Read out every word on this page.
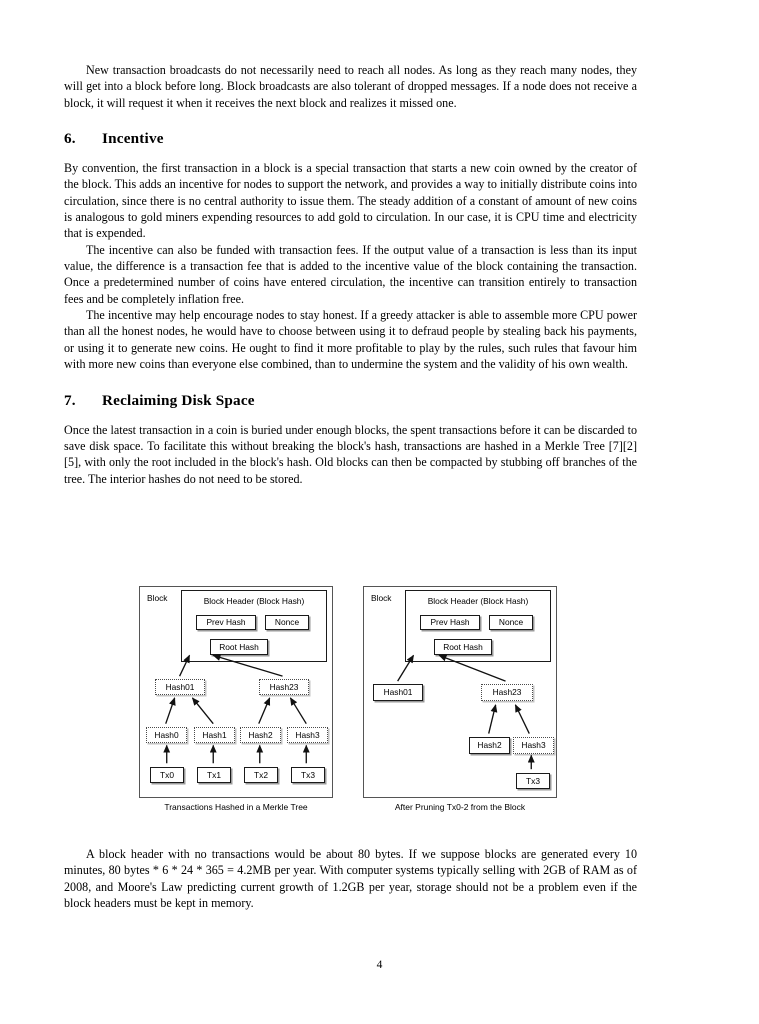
New transaction broadcasts do not necessarily need to reach all nodes. As long as they reach many nodes, they will get into a block before long. Block broadcasts are also tolerant of dropped messages. If a node does not receive a block, it will request it when it receives the next block and realizes it missed one.

6. Incentive

By convention, the first transaction in a block is a special transaction that starts a new coin owned by the creator of the block. This adds an incentive for nodes to support the network, and provides a way to initially distribute coins into circulation, since there is no central authority to issue them. The steady addition of a constant of amount of new coins is analogous to gold miners expending resources to add gold to circulation. In our case, it is CPU time and electricity that is expended.

The incentive can also be funded with transaction fees. If the output value of a transaction is less than its input value, the difference is a transaction fee that is added to the incentive value of the block containing the transaction. Once a predetermined number of coins have entered circulation, the incentive can transition entirely to transaction fees and be completely inflation free.

The incentive may help encourage nodes to stay honest. If a greedy attacker is able to assemble more CPU power than all the honest nodes, he would have to choose between using it to defraud people by stealing back his payments, or using it to generate new coins. He ought to find it more profitable to play by the rules, such rules that favour him with more new coins than everyone else combined, than to undermine the system and the validity of his own wealth.

7. Reclaiming Disk Space

Once the latest transaction in a coin is buried under enough blocks, the spent transactions before it can be discarded to save disk space. To facilitate this without breaking the block's hash, transactions are hashed in a Merkle Tree [7][2][5], with only the root included in the block's hash. Old blocks can then be compacted by stubbing off branches of the tree. The interior hashes do not need to be stored.

Block	Block Header (Block Hash)
Prev Hash	Nonce
Root Hash
Hash01	Hash23
Hash0	Hash1	Hash2	Hash3
Tx0	Tx1	Tx2	Tx3
Transactions Hashed in a Merkle Tree
Block	Block Header (Block Hash)
Prev Hash	Nonce
Root Hash
Hash01	Hash23
Hash2	Hash3
Tx3
After Pruning Tx0-2 from the Block

A block header with no transactions would be about 80 bytes. If we suppose blocks are generated every 10 minutes, 80 bytes * 6 * 24 * 365 = 4.2MB per year. With computer systems typically selling with 2GB of RAM as of 2008, and Moore's Law predicting current growth of 1.2GB per year, storage should not be a problem even if the block headers must be kept in memory.

4
